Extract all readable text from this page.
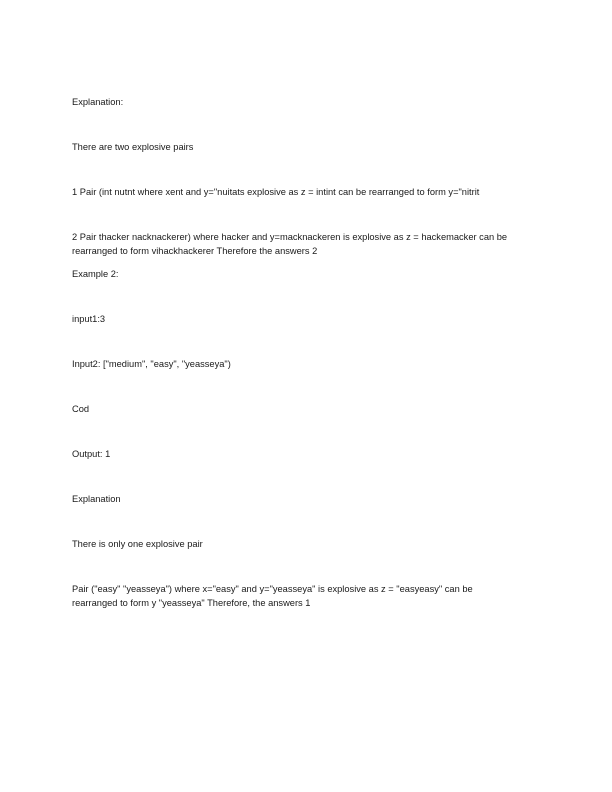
Explanation:
There are two explosive pairs
1 Pair (int nutnt where xent and y="nuitats explosive as z = intint can be rearranged to form y="nitrit
2 Pair thacker nacknackerer) where hacker and y=macknackeren is explosive as z = hackemacker can be
rearranged to form vihackhackerer Therefore the answers 2
Example 2:
input1:3
Input2: ["medium", "easy", "yeasseya")
Cod
Output: 1
Explanation
There is only one explosive pair
Pair ("easy" "yeasseya") where x="easy" and y="yeasseya" is explosive as z = "easyeasy" can be
rearranged to form y "yeasseya" Therefore, the answers 1
